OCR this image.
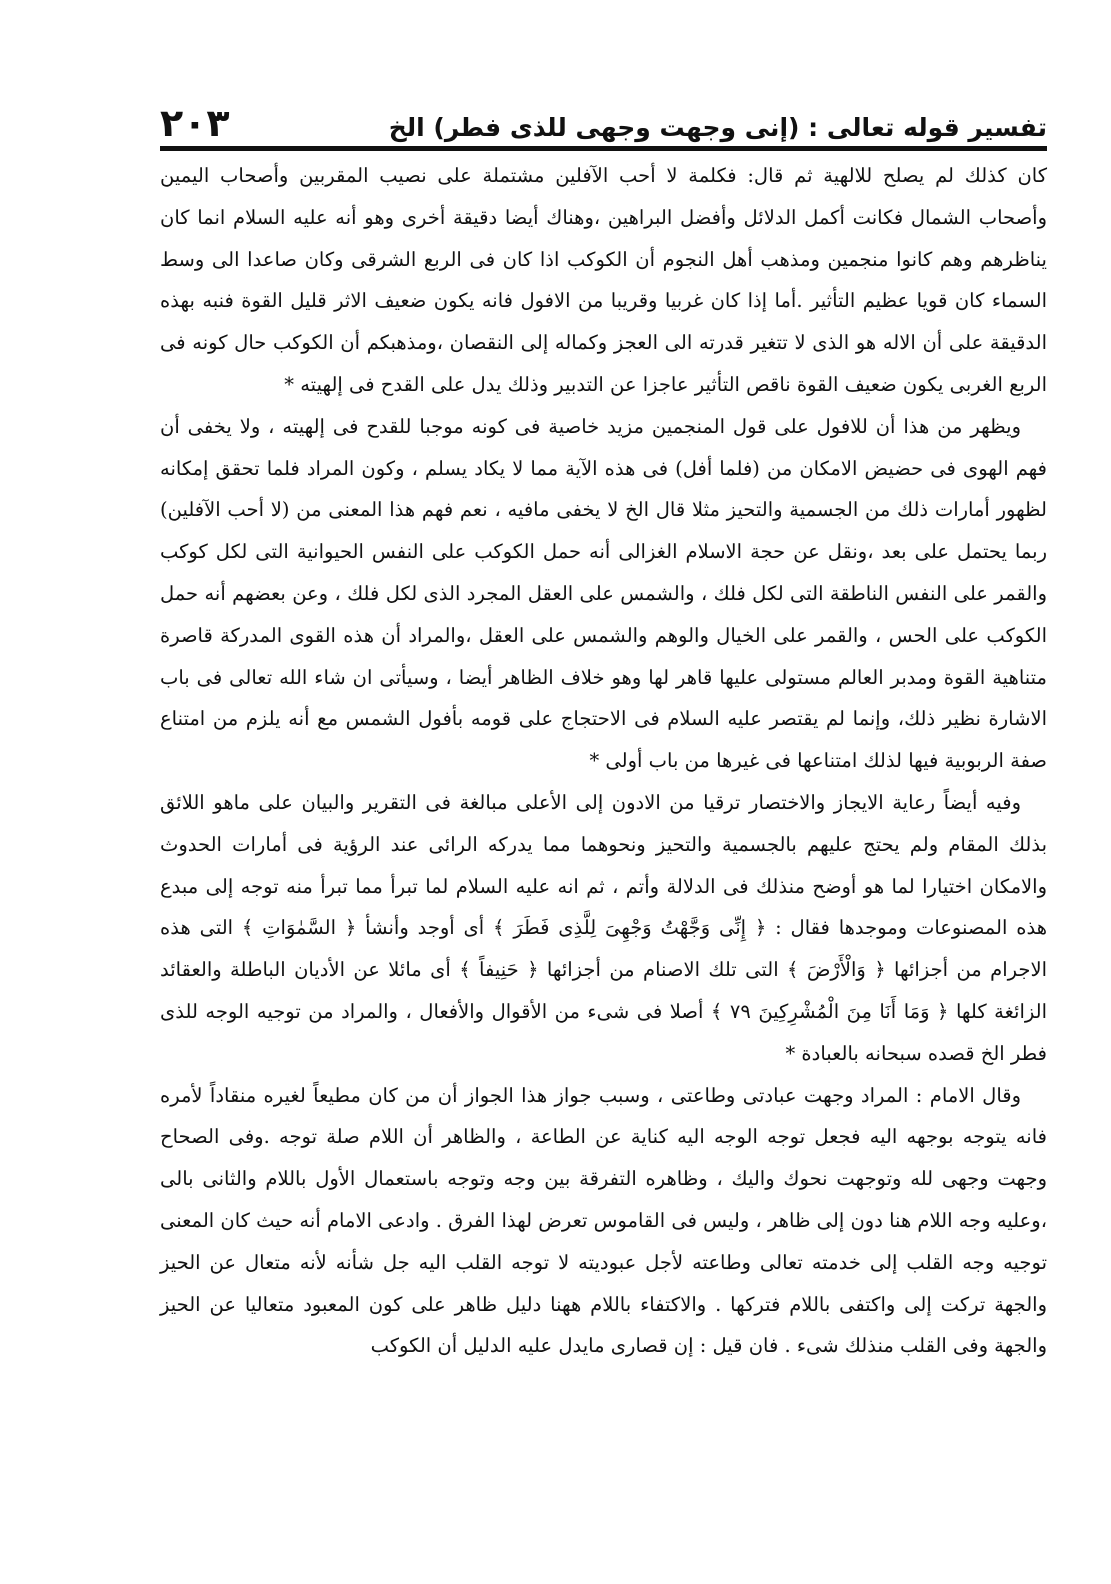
تفسير قوله تعالى : (إنى وجهت وجهى للذى فطر) الخ
٢٠٣

كان كذلك لم يصلح للالهية ثم قال: فكلمة لا أحب الآفلين مشتملة على نصيب المقربين وأصحاب اليمين وأصحاب الشمال فكانت أكمل الدلائل وأفضل البراهين ،وهناك أيضا دقيقة أخرى وهو أنه عليه السلام انما كان يناظرهم وهم كانوا منجمين ومذهب أهل النجوم أن الكوكب اذا كان فى الربع الشرقى وكان صاعدا الى وسط السماء كان قويا عظيم التأثير .أما إذا كان غربيا وقريبا من الافول فانه يكون ضعيف الاثر قليل القوة فنبه بهذه الدقيقة على أن الاله هو الذى لا تتغير قدرته الى العجز وكماله إلى النقصان ،ومذهبكم أن الكوكب حال كونه فى الربع الغربى يكون ضعيف القوة ناقص التأثير عاجزا عن التدبير وذلك يدل على القدح فى إلهيته *

ويظهر من هذا أن للافول على قول المنجمين مزيد خاصية فى كونه موجبا للقدح فى إلهيته ، ولا يخفى أن فهم الهوى فى حضيض الامكان من (فلما أفل) فى هذه الآية مما لا يكاد يسلم ، وكون المراد فلما تحقق إمكانه لظهور أمارات ذلك من الجسمية والتحيز مثلا قال الخ لا يخفى مافيه ، نعم فهم هذا المعنى من (لا أحب الآفلين) ربما يحتمل على بعد ،ونقل عن حجة الاسلام الغزالى أنه حمل الكوكب على النفس الحيوانية التى لكل كوكب والقمر على النفس الناطقة التى لكل فلك ، والشمس على العقل المجرد الذى لكل فلك ، وعن بعضهم أنه حمل الكوكب على الحس ، والقمر على الخيال والوهم والشمس على العقل ،والمراد أن هذه القوى المدركة قاصرة متناهية القوة ومدبر العالم مستولى عليها قاهر لها وهو خلاف الظاهر أيضا ، وسيأتى ان شاء الله تعالى فى باب الاشارة نظير ذلك، وإنما لم يقتصر عليه السلام فى الاحتجاج على قومه بأفول الشمس مع أنه يلزم من امتناع صفة الربوبية فيها لذلك امتناعها فى غيرها من باب أولى *

وفيه أيضاً رعاية الايجاز والاختصار ترقيا من الادون إلى الأعلى مبالغة فى التقرير والبيان على ماهو اللائق بذلك المقام ولم يحتج عليهم بالجسمية والتحيز ونحوهما مما يدركه الرائى عند الرؤية فى أمارات الحدوث والامكان اختيارا لما هو أوضح منذلك فى الدلالة وأتم ، ثم انه عليه السلام لما تبرأ مما تبرأ منه توجه إلى مبدع هذه المصنوعات وموجدها فقال : ﴿ إِنِّى وَجَّهْتُ وَجْهِىَ لِلَّذِى فَطَرَ ﴾ أى أوجد وأنشأ ﴿ السَّمٰوَاتِ ﴾ التى هذه الاجرام من أجزائها ﴿ وَالْأَرْضَ ﴾ التى تلك الاصنام من أجزائها ﴿ حَنِيفاً ﴾ أى مائلا عن الأديان الباطلة والعقائد الزائغة كلها ﴿ وَمَا أَنَا مِنَ الْمُشْرِكِينَ ٧٩ ﴾ أصلا فى شىء من الأقوال والأفعال ، والمراد من توجيه الوجه للذى فطر الخ قصده سبحانه بالعبادة *

وقال الامام : المراد وجهت عبادتى وطاعتى ، وسبب جواز هذا الجواز أن من كان مطيعاً لغيره منقاداً لأمره فانه يتوجه بوجهه اليه فجعل توجه الوجه اليه كناية عن الطاعة ، والظاهر أن اللام صلة توجه .وفى الصحاح وجهت وجهى لله وتوجهت نحوك واليك ، وظاهره التفرقة بين وجه وتوجه باستعمال الأول باللام والثانى بالى ،وعليه وجه اللام هنا دون إلى ظاهر ، وليس فى القاموس تعرض لهذا الفرق . وادعى الامام أنه حيث كان المعنى توجيه وجه القلب إلى خدمته تعالى وطاعته لأجل عبوديته لا توجه القلب اليه جل شأنه لأنه متعال عن الحيز والجهة تركت إلى واكتفى باللام فتركها . والاكتفاء باللام ههنا دليل ظاهر على كون المعبود متعاليا عن الحيز والجهة وفى القلب منذلك شىء . فان قيل : إن قصارى مايدل عليه الدليل أن الكوكب
